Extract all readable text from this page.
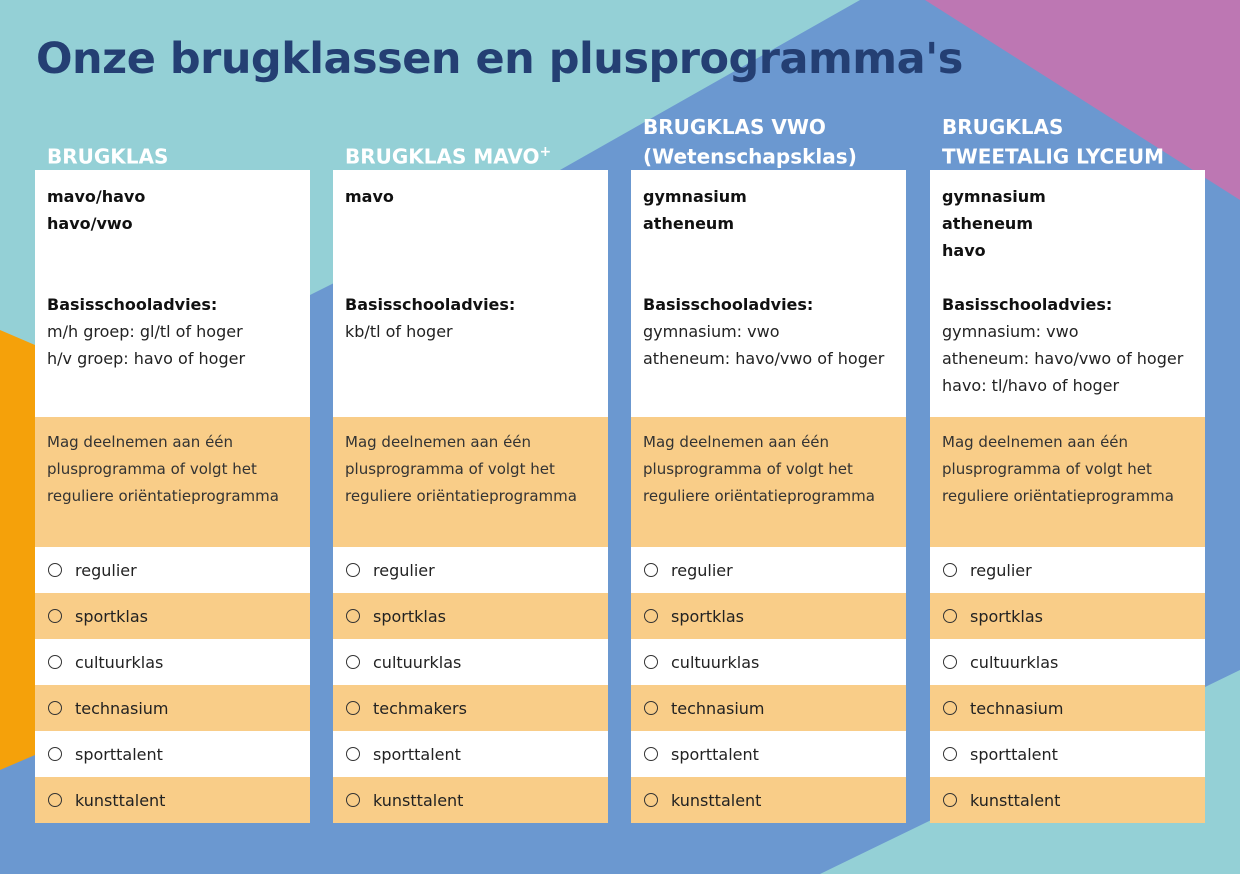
Onze brugklassen en plusprogramma's
BRUGKLAS
mavo/havo
havo/vwo
Basisschooladvies:
m/h groep: gl/tl of hoger
h/v groep: havo of hoger
Mag deelnemen aan één plusprogramma of volgt het reguliere oriëntatieprogramma
regulier
sportklas
cultuurklas
technasium
sporttalent
kunsttalent
BRUGKLAS MAVO+
mavo
Basisschooladvies:
kb/tl of hoger
Mag deelnemen aan één plusprogramma of volgt het reguliere oriëntatieprogramma
regulier
sportklas
cultuurklas
techmakers
sporttalent
kunsttalent
BRUGKLAS VWO
(Wetenschapsklas)
gymnasium
atheneum
Basisschooladvies:
gymnasium: vwo
atheneum: havo/vwo of hoger
Mag deelnemen aan één plusprogramma of volgt het reguliere oriëntatieprogramma
regulier
sportklas
cultuurklas
technasium
sporttalent
kunsttalent
BRUGKLAS
TWEETALIG LYCEUM
gymnasium
atheneum
havo
Basisschooladvies:
gymnasium: vwo
atheneum: havo/vwo of hoger
havo: tl/havo of hoger
Mag deelnemen aan één plusprogramma of volgt het reguliere oriëntatieprogramma
regulier
sportklas
cultuurklas
technasium
sporttalent
kunsttalent
